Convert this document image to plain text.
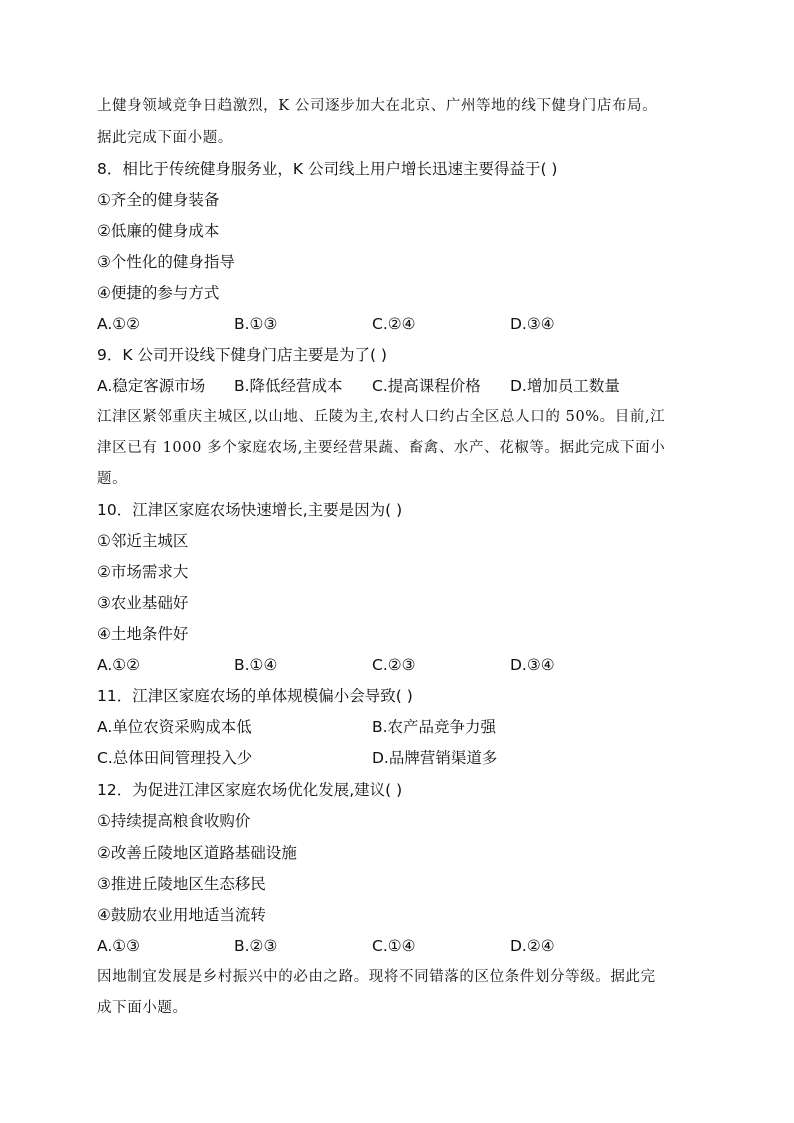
上健身领域竞争日趋激烈，K 公司逐步加大在北京、广州等地的线下健身门店布局。
据此完成下面小题。
8．相比于传统健身服务业，K 公司线上用户增长迅速主要得益于( )
①齐全的健身装备
②低廉的健身成本
③个性化的健身指导
④便捷的参与方式
A.①②	B.①③	C.②④	D.③④
9．K 公司开设线下健身门店主要是为了( )
A.稳定客源市场 B.降低经营成本 C.提高课程价格 D.增加员工数量
江津区紧邻重庆主城区,以山地、丘陵为主,农村人口约占全区总人口的 50%。目前,江
津区已有 1000 多个家庭农场,主要经营果蔬、畜禽、水产、花椒等。据此完成下面小
题。
10．江津区家庭农场快速增长,主要是因为( )
①邻近主城区
②市场需求大
③农业基础好
④土地条件好
A.①②	B.①④	C.②③	D.③④
11．江津区家庭农场的单体规模偏小会导致( )
A.单位农资采购成本低	B.农产品竞争力强
C.总体田间管理投入少	D.品牌营销渠道多
12．为促进江津区家庭农场优化发展,建议( )
①持续提高粮食收购价
②改善丘陵地区道路基础设施
③推进丘陵地区生态移民
④鼓励农业用地适当流转
A.①③	B.②③	C.①④	D.②④
因地制宜发展是乡村振兴中的必由之路。现将不同错落的区位条件划分等级。据此完
成下面小题。
